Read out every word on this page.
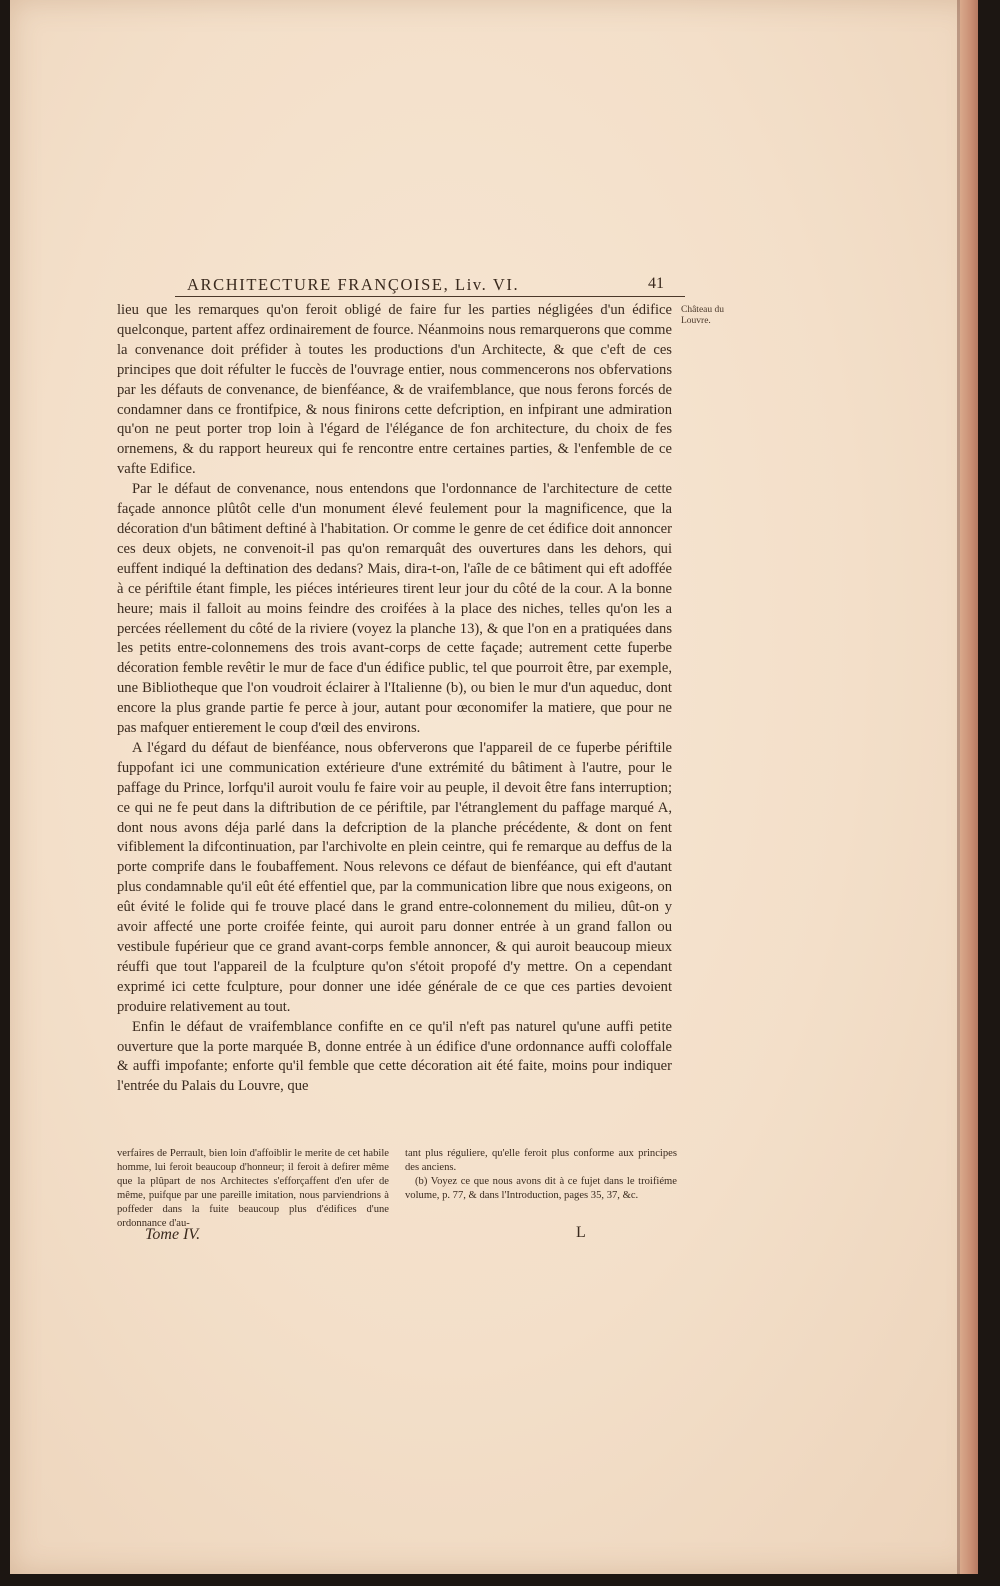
ARCHITECTURE FRANÇOISE, Liv. VI.	41

lieu que les remarques qu'on feroit obligé de faire fur les parties négligées d'un édifice quelconque, partent affez ordinairement de fource. Néanmoins nous remarquerons que comme la convenance doit préfider à toutes les productions d'un Architecte, & que c'eft de ces principes que doit réfulter le fuccès de l'ouvrage entier, nous commencerons nos obfervations par les défauts de convenance, de bienféance, & de vraifemblance, que nous ferons forcés de condamner dans ce frontifpice, & nous finirons cette defcription, en infpirant une admiration qu'on ne peut porter trop loin à l'égard de l'élégance de fon architecture, du choix de fes ornemens, & du rapport heureux qui fe rencontre entre certaines parties, & l'enfemble de ce vafte Edifice.

Par le défaut de convenance, nous entendons que l'ordonnance de l'architecture de cette façade annonce plûtôt celle d'un monument élevé feulement pour la magnificence, que la décoration d'un bâtiment deftiné à l'habitation. Or comme le genre de cet édifice doit annoncer ces deux objets, ne convenoit-il pas qu'on remarquât des ouvertures dans les dehors, qui euffent indiqué la deftination des dedans? Mais, dira-t-on, l'aîle de ce bâtiment qui eft adoffée à ce périftile étant fimple, les piéces intérieures tirent leur jour du côté de la cour. A la bonne heure; mais il falloit au moins feindre des croifées à la place des niches, telles qu'on les a percées réellement du côté de la riviere (voyez la planche 13), & que l'on en a pratiquées dans les petits entre-colonnemens des trois avant-corps de cette façade; autrement cette fuperbe décoration femble revêtir le mur de face d'un édifice public, tel que pourroit être, par exemple, une Bibliotheque que l'on voudroit éclairer à l'Italienne (b), ou bien le mur d'un aqueduc, dont encore la plus grande partie fe perce à jour, autant pour œconomifer la matiere, que pour ne pas mafquer entierement le coup d'œil des environs.

A l'égard du défaut de bienféance, nous obferverons que l'appareil de ce fuperbe périftile fuppofant ici une communication extérieure d'une extrémité du bâtiment à l'autre, pour le paffage du Prince, lorfqu'il auroit voulu fe faire voir au peuple, il devoit être fans interruption; ce qui ne fe peut dans la diftribution de ce périftile, par l'étranglement du paffage marqué A, dont nous avons déja parlé dans la defcription de la planche précédente, & dont on fent vifiblement la difcontinuation, par l'archivolte en plein ceintre, qui fe remarque au deffus de la porte comprife dans le foubaffement. Nous relevons ce défaut de bienféance, qui eft d'autant plus condamnable qu'il eût été effentiel que, par la communication libre que nous exigeons, on eût évité le folide qui fe trouve placé dans le grand entre-colonnement du milieu, dût-on y avoir affecté une porte croifée feinte, qui auroit paru donner entrée à un grand fallon ou vestibule fupérieur que ce grand avant-corps femble annoncer, & qui auroit beaucoup mieux réuffi que tout l'appareil de la fculpture qu'on s'étoit propofé d'y mettre. On a cependant exprimé ici cette fculpture, pour donner une idée générale de ce que ces parties devoient produire relativement au tout.

Enfin le défaut de vraifemblance confifte en ce qu'il n'eft pas naturel qu'une auffi petite ouverture que la porte marquée B, donne entrée à un édifice d'une ordonnance auffi coloffale & auffi impofante; enforte qu'il femble que cette décoration ait été faite, moins pour indiquer l'entrée du Palais du Louvre, que

Château du Louvre.

verfaires de Perrault, bien loin d'affoiblir le merite de cet habile homme, lui feroit beaucoup d'honneur; il feroit à defirer même que la plûpart de nos Architectes s'efforçaffent d'en ufer de même, puifque par une pareille imitation, nous parviendrions à poffeder dans la fuite beaucoup plus d'édifices d'une ordonnance d'au-

tant plus réguliere, qu'elle feroit plus conforme aux principes des anciens.

(b) Voyez ce que nous avons dit à ce fujet dans le troifiéme volume, p. 77, & dans l'Introduction, pages 35, 37, &c.

Tome IV.	L
